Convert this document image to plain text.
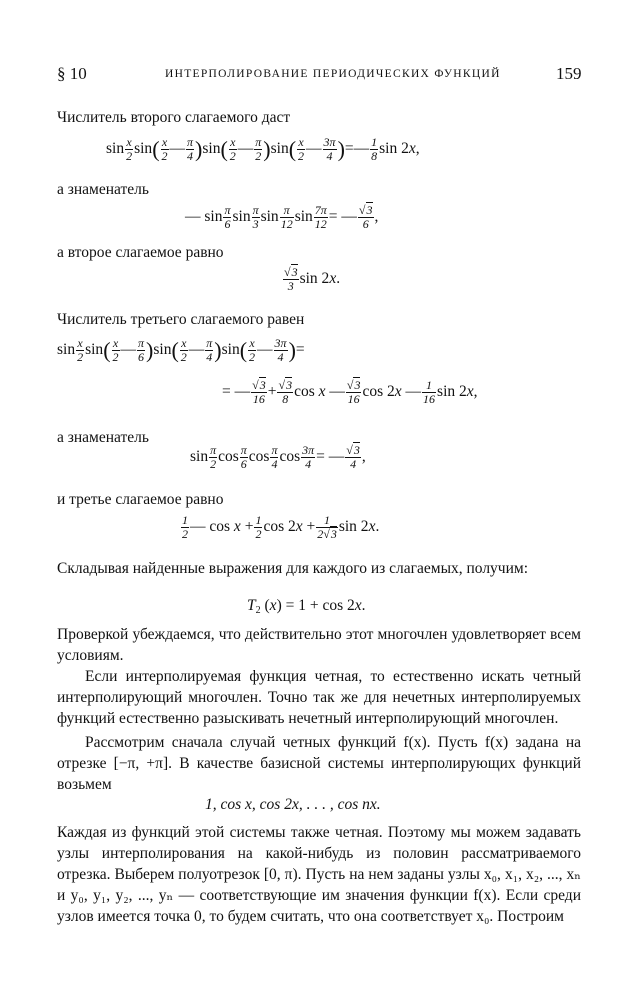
§ 10	ИНТЕРПОЛИРОВАНИЕ ПЕРИОДИЧЕСКИХ ФУНКЦИЙ	159
Числитель второго слагаемого даст
$\sin \frac{x}{2} \sin( \frac{x}{2}$ — $\frac{\pi}{4} )\sin( \frac{x}{2}$ — $\frac{\pi}{2} )\sin( \frac{x}{2}$ — $\frac{3\pi}{4}$ )=— $\frac{1}{8}$ sin 2x,
а знаменатель
— $\sin \frac{\pi}{6}$ $\sin \frac{\pi}{3}$ $\sin \frac{\pi}{12}$ $\sin \frac{7\pi}{12}$ = — $\frac{√3}{6}$ ,
а второе слагаемое равно
$\frac{√3}{3}$ sin 2x.
Числитель третьего слагаемого равен
$\sin \frac{x}{2} \sin( \frac{x}{2}$ — $\frac{\pi}{6} )\sin( \frac{x}{2}$ — $\frac{\pi}{4} )\sin( \frac{x}{2}$ — $\frac{3\pi}{4}$ )=
= — $\frac{√3}{16} + \frac{√3}{8}$ cos x — $\frac{√3}{16}$ cos 2x — $\frac{1}{16}$ sin 2x,
а знаменатель
$\sin \frac{\pi}{2}$ $\cos \frac{\pi}{6}$ $\cos \frac{\pi}{4}$ $\cos \frac{3\pi}{4}$ = — $\frac{√3}{4}$ ,
и третье слагаемое равно
$\frac{1}{2}$ — $\cos x + \frac{1}{2}$ $\cos 2x + \frac{1}{2√3}$ sin 2x.
Складывая найденные выражения для каждого из слагаемых, получим:
$T_2$ (x) = 1 + cos 2x.
Проверкой убеждаемся, что действительно этот многочлен удовлетворяет всем условиям.
Если интерполируемая функция четная, то естественно искать четный интерполирующий многочлен. Точно так же для нечетных интерполируемых функций естественно разыскивать нечетный интерполирующий многочлен.
Рассмотрим сначала случай четных функций f(x). Пусть f(x) задана на отрезке [−π, +π]. В качестве базисной системы интерполирующих функций возьмем
1, cos x, cos 2x, . . . , cos nx.
Каждая из функций этой системы также четная. Поэтому мы можем задавать узлы интерполирования на какой-нибудь из половин рассматриваемого отрезка. Выберем полуотрезок [0, π). Пусть на нем заданы узлы x₀, x₁, x₂, ..., xₙ и y₀, y₁, y₂, ..., yₙ — соответствующие им значения функции f(x). Если среди узлов имеется точка 0, то будем считать, что она соответствует x₀. Построим
